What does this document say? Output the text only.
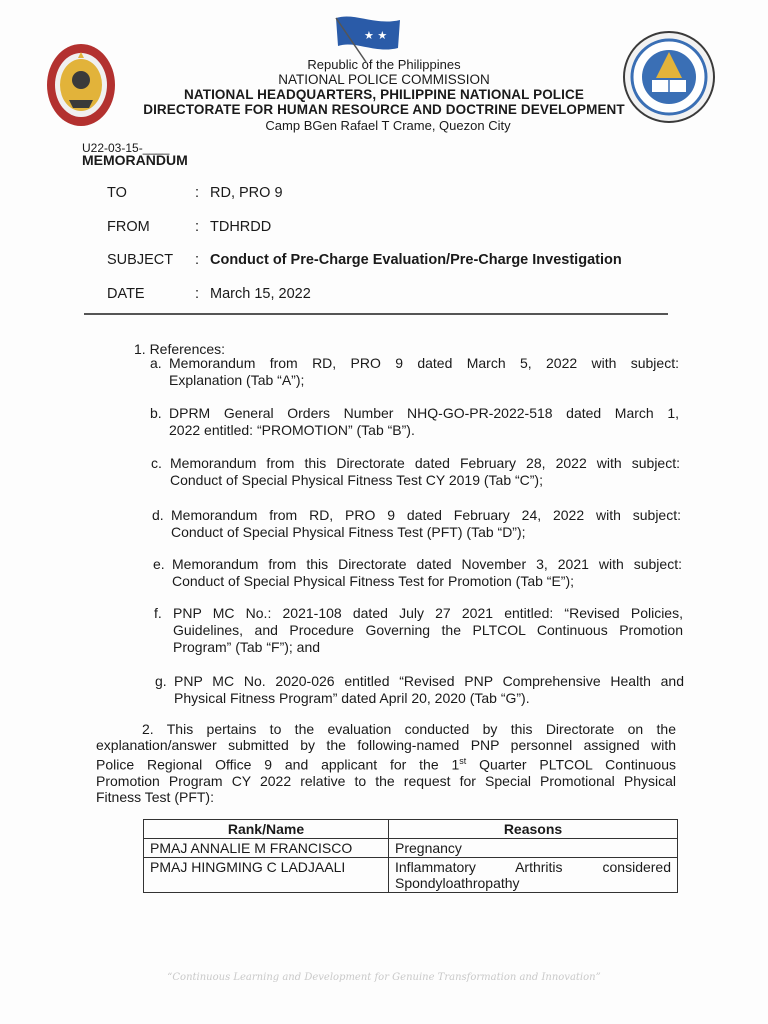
★ ★
Republic of the Philippines
NATIONAL POLICE COMMISSION
NATIONAL HEADQUARTERS, PHILIPPINE NATIONAL POLICE
DIRECTORATE FOR HUMAN RESOURCE AND DOCTRINE DEVELOPMENT
Camp BGen Rafael T Crame, Quezon City
U22-03-15-____
MEMORANDUM
TO	: RD, PRO 9
FROM	: TDHRDD
SUBJECT : Conduct of Pre-Charge Evaluation/Pre-Charge Investigation
DATE	: March 15, 2022
1. References:
a. Memorandum from RD, PRO 9 dated March 5, 2022 with subject:
Explanation (Tab “A”);
b. DPRM General Orders Number NHQ-GO-PR-2022-518 dated March 1,
2022 entitled: “PROMOTION” (Tab “B”).
c. Memorandum from this Directorate dated February 28, 2022 with subject:
Conduct of Special Physical Fitness Test CY 2019 (Tab “C”);
d. Memorandum from RD, PRO 9 dated February 24, 2022 with subject:
Conduct of Special Physical Fitness Test (PFT) (Tab “D”);
e. Memorandum from this Directorate dated November 3, 2021 with subject:
Conduct of Special Physical Fitness Test for Promotion (Tab “E”);
f. PNP MC No.: 2021-108 dated July 27 2021 entitled: “Revised Policies,
Guidelines, and Procedure Governing the PLTCOL Continuous Promotion
Program” (Tab “F”); and
g. PNP MC No. 2020-026 entitled “Revised PNP Comprehensive Health and
Physical Fitness Program” dated April 20, 2020 (Tab “G”).
2. This pertains to the evaluation conducted by this Directorate on the
explanation/answer submitted by the following-named PNP personnel assigned with
Police Regional Office 9 and applicant for the 1st Quarter PLTCOL Continuous
Promotion Program CY 2022 relative to the request for Special Promotional Physical
Fitness Test (PFT):
Rank/Name	Reasons
PMAJ ANNALIE M FRANCISCO	Pregnancy
PMAJ HINGMING C LADJAALI	Inflammatory Arthritis considered
Spondyloathropathy
“Continuous Learning and Development for Genuine Transformation and Innovation”
